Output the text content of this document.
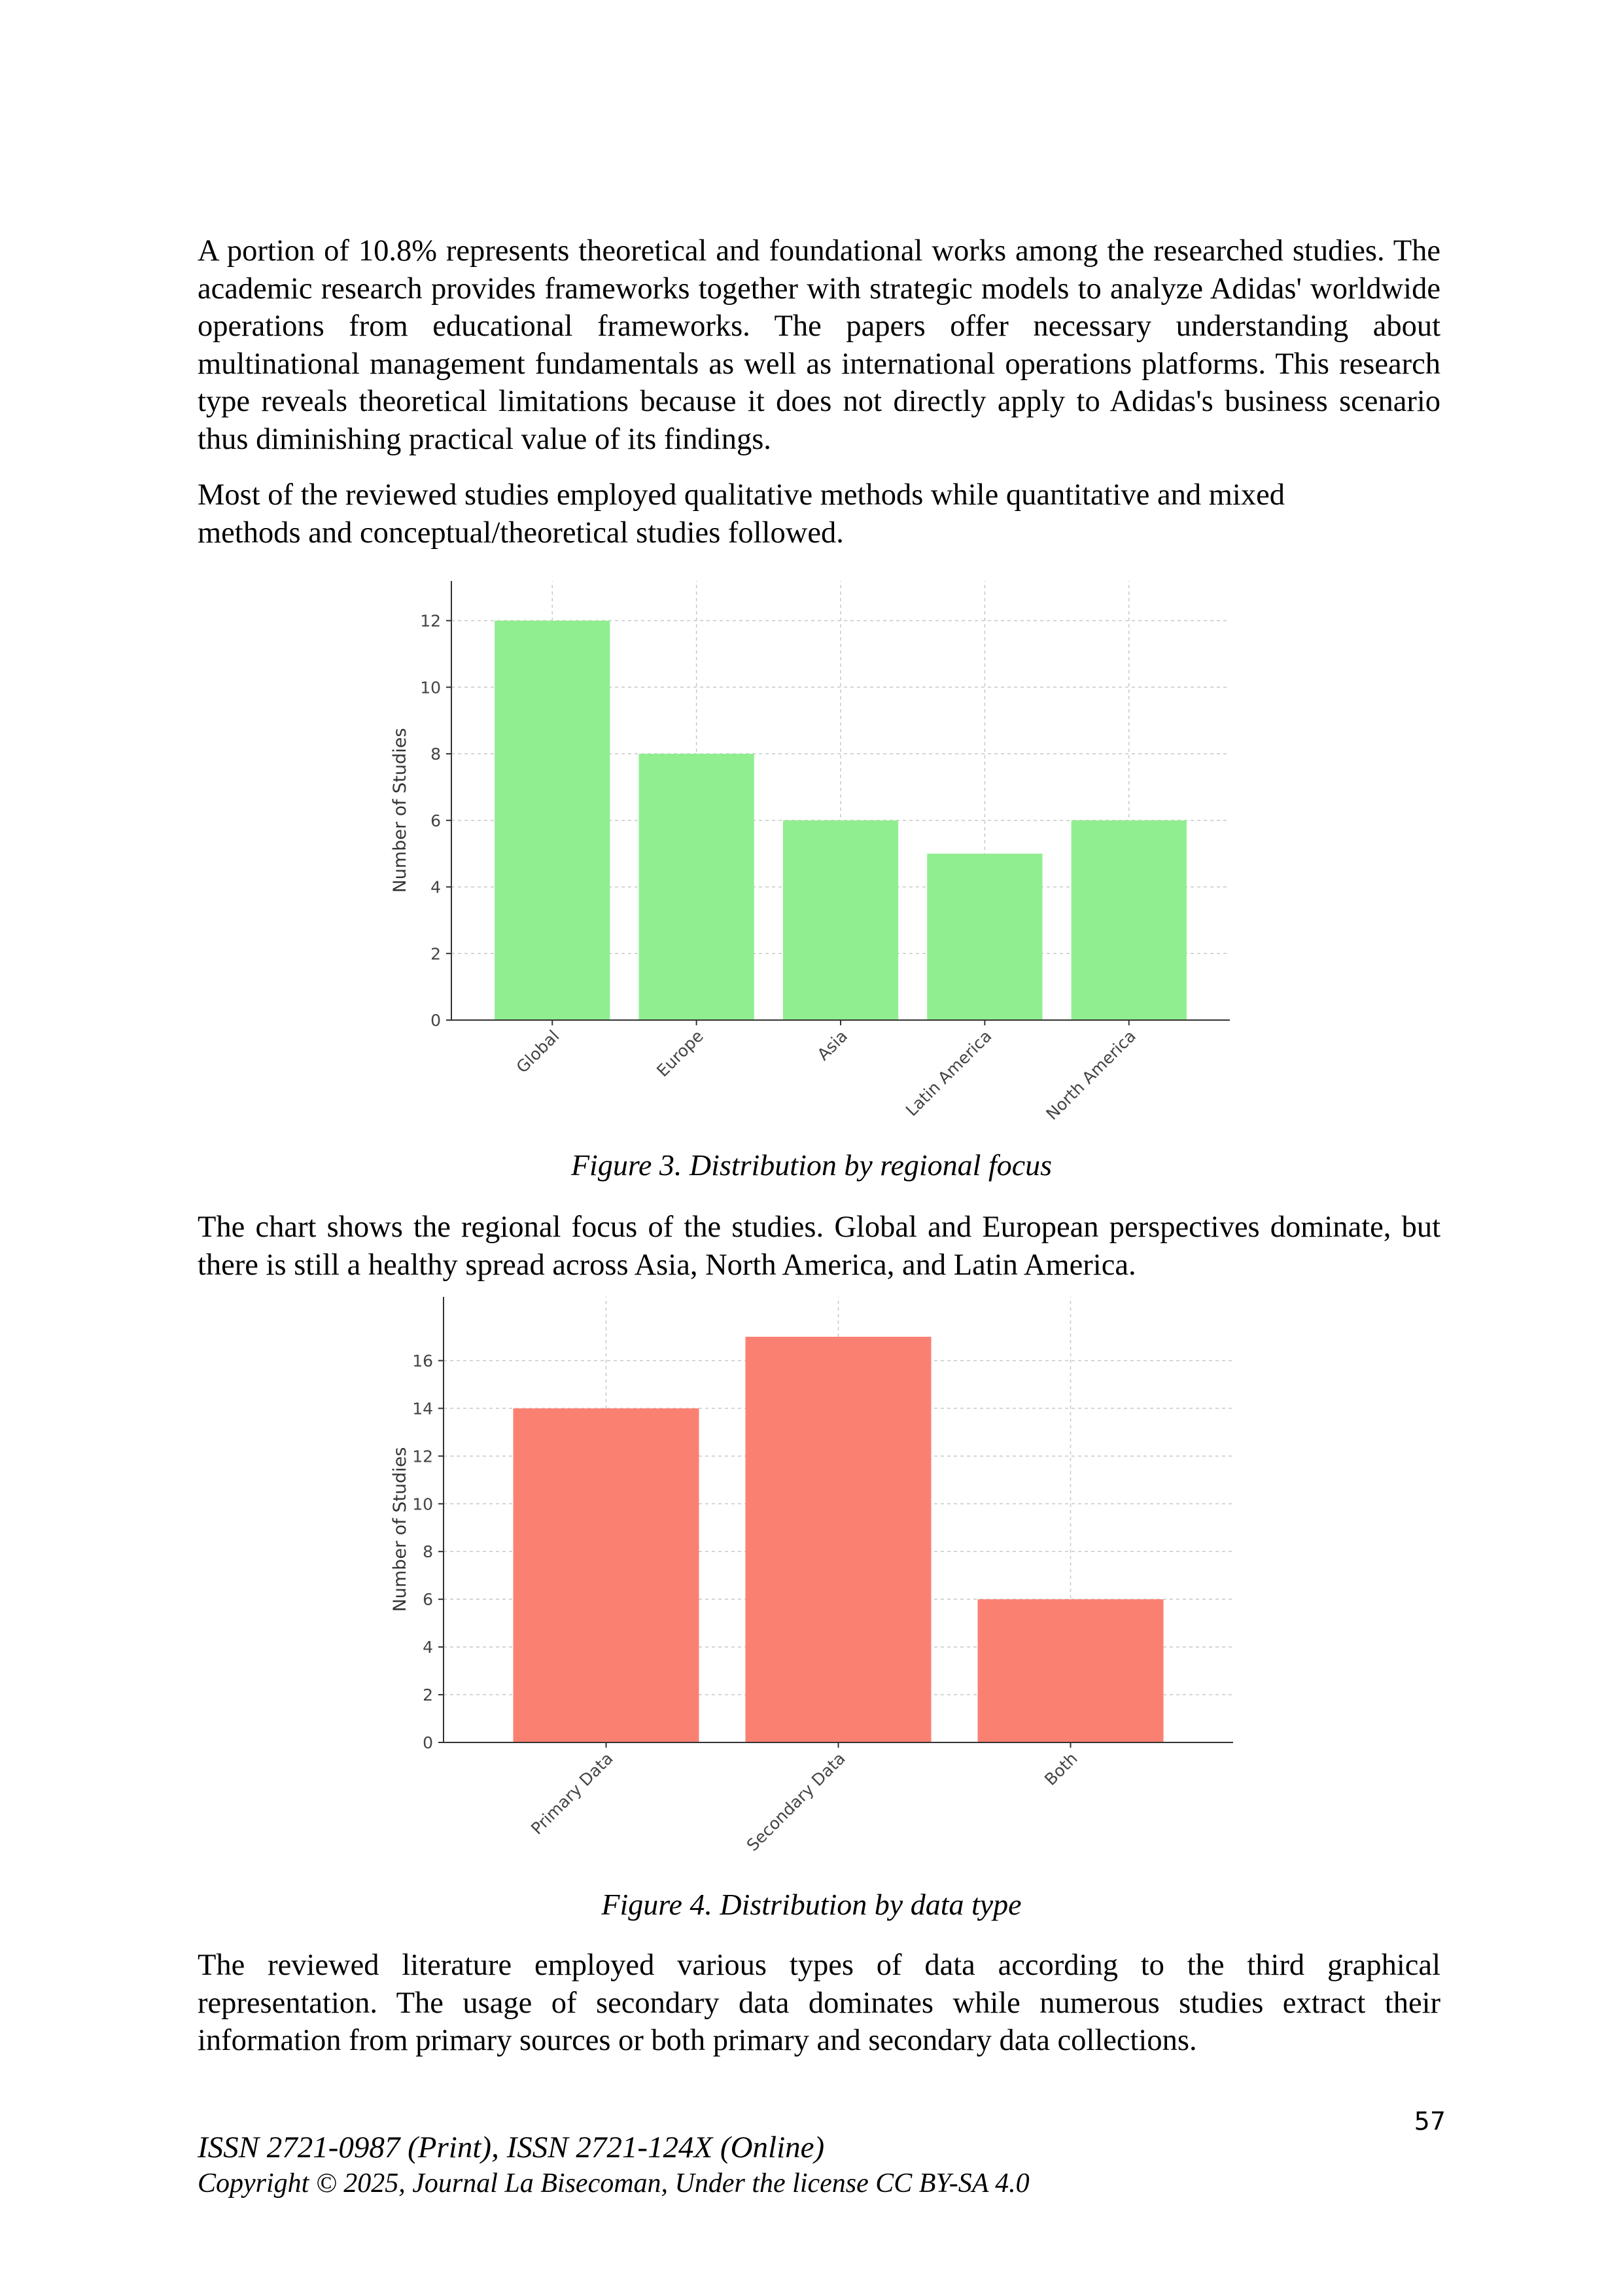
A portion of 10.8% represents theoretical and foundational works among the researched studies. The academic research provides frameworks together with strategic models to analyze Adidas' worldwide operations from educational frameworks. The papers offer necessary understanding about multinational management fundamentals as well as international operations platforms. This research type reveals theoretical limitations because it does not directly apply to Adidas's business scenario thus diminishing practical value of its findings.

Most of the reviewed studies employed qualitative methods while quantitative and mixed methods and conceptual/theoretical studies followed.

0
2
4
6
8
10
12
Global	Europe	Asia	Latin America	North America
Number of Studies

Figure 3. Distribution by regional focus

The chart shows the regional focus of the studies. Global and European perspectives dominate, but there is still a healthy spread across Asia, North America, and Latin America.

0
2
4
6
8
10
12
14
16
Primary Data	Secondary Data	Both
Number of Studies

Figure 4. Distribution by data type

The reviewed literature employed various types of data according to the third graphical representation. The usage of secondary data dominates while numerous studies extract their information from primary sources or both primary and secondary data collections.

57

ISSN 2721-0987 (Print), ISSN 2721-124X (Online)

Copyright © 2025, Journal La Bisecoman, Under the license CC BY-SA 4.0
